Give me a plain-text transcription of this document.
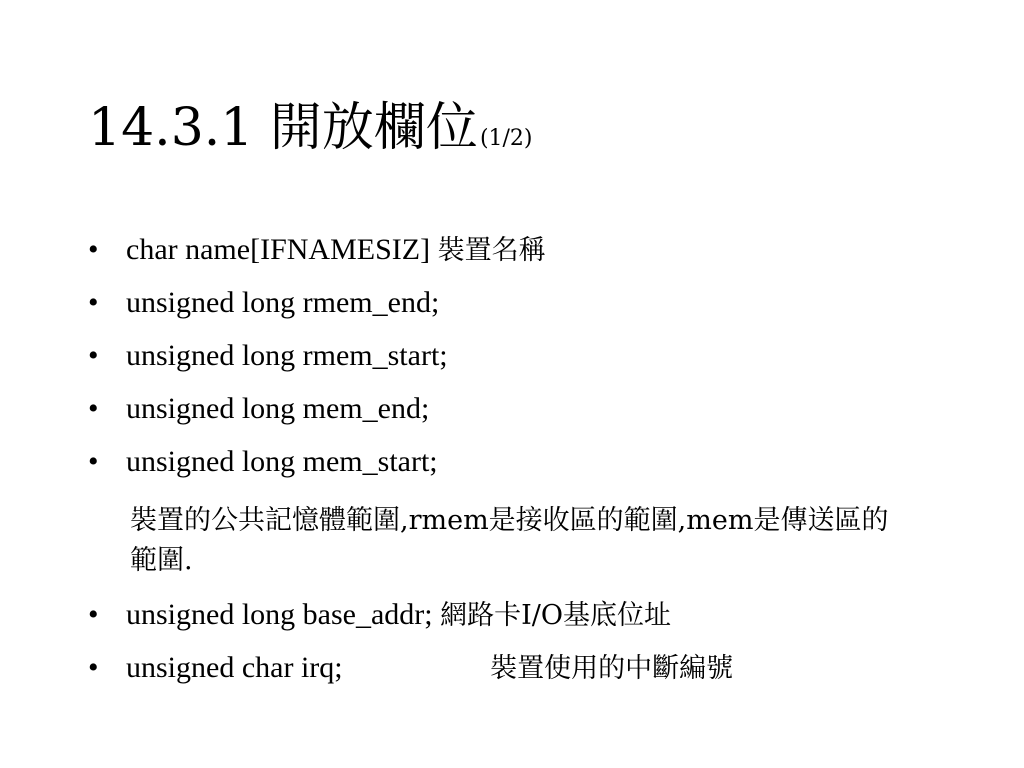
14.3.1 開放欄位(1/2)
• char name[IFNAMESIZ] 裝置名稱
• unsigned long rmem_end;
• unsigned long rmem_start;
• unsigned long mem_end;
• unsigned long mem_start;
裝置的公共記憶體範圍,rmem是接收區的範圍,mem是傳送區的範圍.
• unsigned long base_addr; 網路卡I/O基底位址
• unsigned char irq;	裝置使用的中斷編號
